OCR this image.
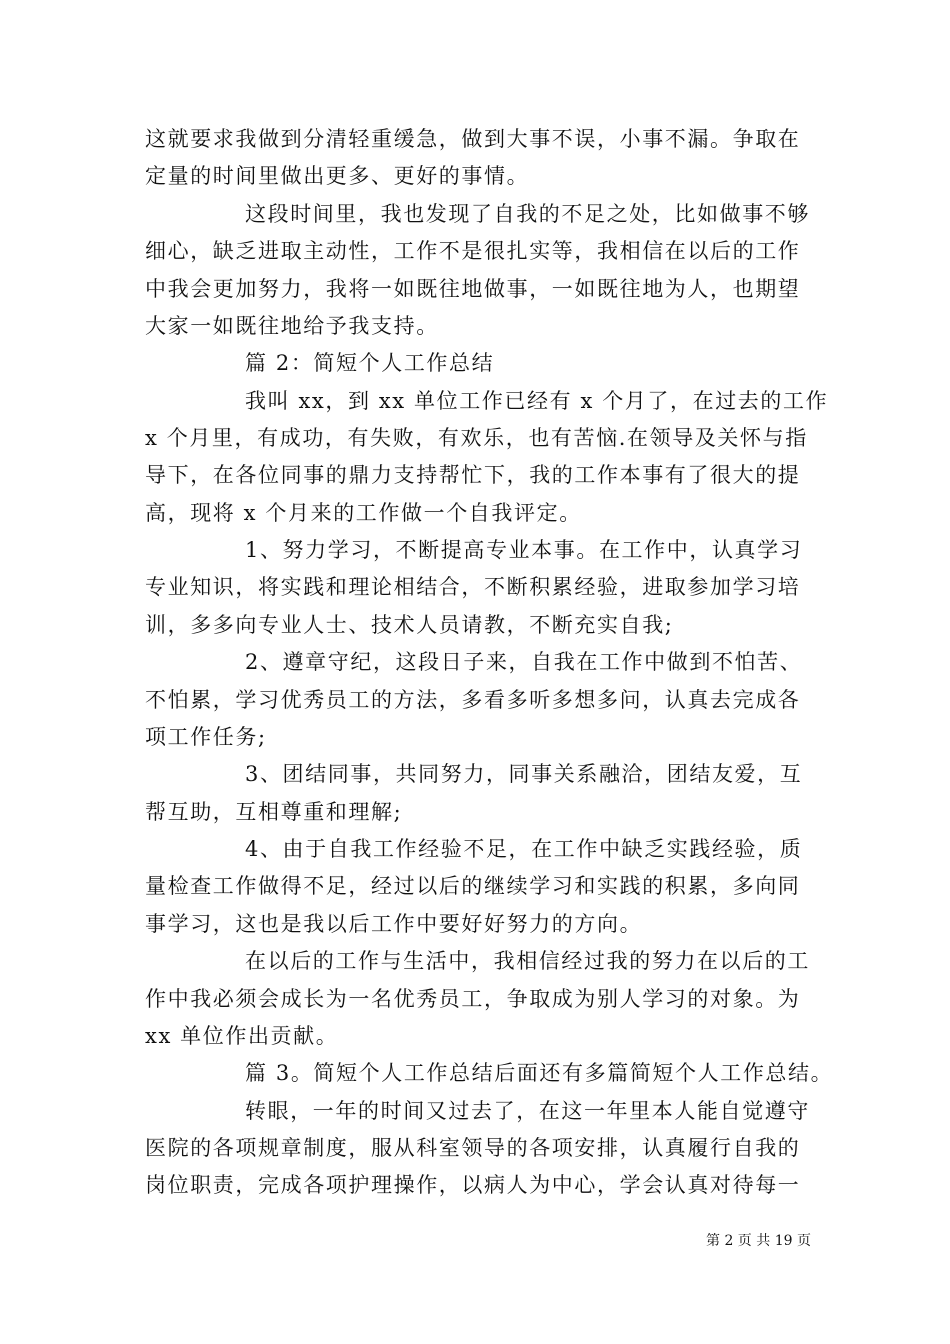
这就要求我做到分清轻重缓急，做到大事不误，小事不漏。争取在
定量的时间里做出更多、更好的事情。
这段时间里，我也发现了自我的不足之处，比如做事不够
细心，缺乏进取主动性，工作不是很扎实等，我相信在以后的工作
中我会更加努力，我将一如既往地做事，一如既往地为人，也期望
大家一如既往地给予我支持。
篇 2：简短个人工作总结
我叫 xx，到 xx 单位工作已经有 x 个月了，在过去的工作
x 个月里，有成功，有失败，有欢乐，也有苦恼.在领导及关怀与指
导下，在各位同事的鼎力支持帮忙下，我的工作本事有了很大的提
高，现将 x 个月来的工作做一个自我评定。
1、努力学习，不断提高专业本事。在工作中，认真学习
专业知识，将实践和理论相结合，不断积累经验，进取参加学习培
训，多多向专业人士、技术人员请教，不断充实自我;
2、遵章守纪，这段日子来，自我在工作中做到不怕苦、
不怕累，学习优秀员工的方法，多看多听多想多问，认真去完成各
项工作任务;
3、团结同事，共同努力，同事关系融洽，团结友爱，互
帮互助，互相尊重和理解;
4、由于自我工作经验不足，在工作中缺乏实践经验，质
量检查工作做得不足，经过以后的继续学习和实践的积累，多向同
事学习，这也是我以后工作中要好好努力的方向。
在以后的工作与生活中，我相信经过我的努力在以后的工
作中我必须会成长为一名优秀员工，争取成为别人学习的对象。为
xx 单位作出贡献。
篇 3。简短个人工作总结后面还有多篇简短个人工作总结。
转眼，一年的时间又过去了，在这一年里本人能自觉遵守
医院的各项规章制度，服从科室领导的各项安排，认真履行自我的
岗位职责，完成各项护理操作，以病人为中心，学会认真对待每一
第 2 页 共 19 页
